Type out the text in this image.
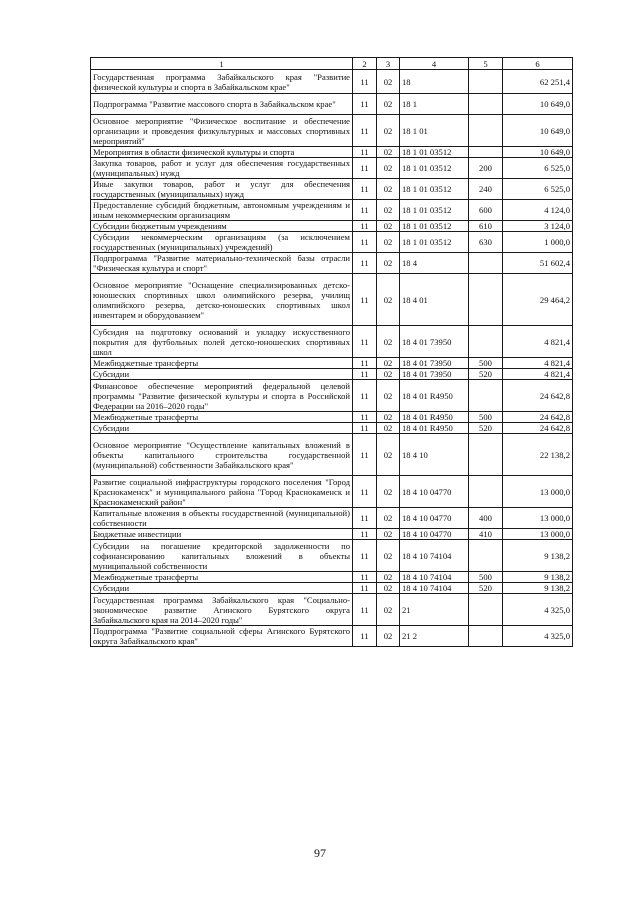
1	2	3	4	5	6
Государственная программа Забайкальского края "Развитие физической культуры и спорта в Забайкальском крае"	11	02	18		62 251,4
Подпрограмма "Развитие массового спорта в Забайкальском крае"	11	02	18 1		10 649,0
Основное мероприятие "Физическое воспитание и обеспечение организации и проведения физкультурных и массовых спортивных мероприятий"	11	02	18 1 01		10 649,0
Мероприятия в области физической культуры и спорта	11	02	18 1 01 03512		10 649,0
Закупка товаров, работ и услуг для обеспечения государственных (муниципальных) нужд	11	02	18 1 01 03512	200	6 525,0
Иные закупки товаров, работ и услуг для обеспечения государственных (муниципальных) нужд	11	02	18 1 01 03512	240	6 525,0
Предоставление субсидий бюджетным, автономным учреждениям и иным некоммерческим организациям	11	02	18 1 01 03512	600	4 124,0
Субсидии бюджетным учреждениям	11	02	18 1 01 03512	610	3 124,0
Субсидии некоммерческим организациям (за исключением государственных (муниципальных) учреждений)	11	02	18 1 01 03512	630	1 000,0
Подпрограмма "Развитие материально-технической базы отрасли "Физическая культура и спорт"	11	02	18 4		51 602,4
Основное мероприятие "Оснащение специализированных детско-юношеских спортивных школ олимпийского резерва, училищ олимпийского резерва, детско-юношеских спортивных школ инвентарем и оборудованием"	11	02	18 4 01		29 464,2
Субсидия на подготовку оснований и укладку искусственного покрытия для футбольных полей детско-юношеских спортивных школ	11	02	18 4 01 73950		4 821,4
Межбюджетные трансферты	11	02	18 4 01 73950	500	4 821,4
Субсидии	11	02	18 4 01 73950	520	4 821,4
Финансовое обеспечение мероприятий федеральной целевой программы "Развитие физической культуры и спорта в Российской Федерации на 2016–2020 годы"	11	02	18 4 01 R4950		24 642,8
Межбюджетные трансферты	11	02	18 4 01 R4950	500	24 642,8
Субсидии	11	02	18 4 01 R4950	520	24 642,8
Основное мероприятие "Осуществление капитальных вложений в объекты капитального строительства государственной (муниципальной) собственности Забайкальского края"	11	02	18 4 10		22 138,2
Развитие социальной инфраструктуры городского поселения "Город Краснокаменск" и муниципального района "Город Краснокаменск и Краснокаменский район"	11	02	18 4 10 04770		13 000,0
Капитальные вложения в объекты государственной (муниципальной) собственности	11	02	18 4 10 04770	400	13 000,0
Бюджетные инвестиции	11	02	18 4 10 04770	410	13 000,0
Субсидии на погашение кредиторской задолженности по софинансированию капитальных вложений в объекты муниципальной собственности	11	02	18 4 10 74104		9 138,2
Межбюджетные трансферты	11	02	18 4 10 74104	500	9 138,2
Субсидии	11	02	18 4 10 74104	520	9 138,2
Государственная программа Забайкальского края "Социально-экономическое развитие Агинского Бурятского округа Забайкальского края на 2014–2020 годы"	11	02	21		4 325,0
Подпрограмма "Развитие социальной сферы Агинского Бурятского округа Забайкальского края"	11	02	21 2		4 325,0
97
